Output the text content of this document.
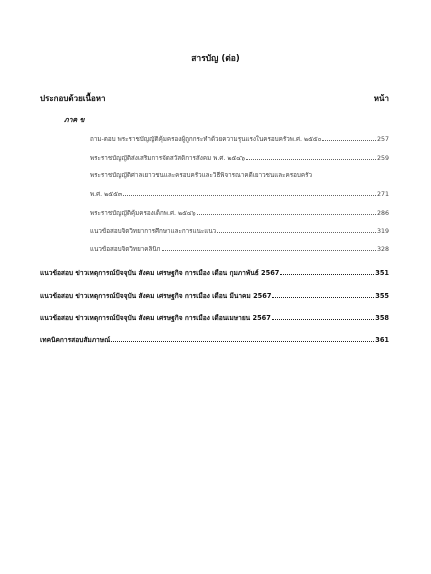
สารบัญ (ต่อ)
ประกอบด้วยเนื้อหา	หน้า
ภาค ข
ถาม-ตอบ พระราชบัญญัติคุ้มครองผู้ถูกกระทำด้วยความรุนแรงในครอบครัวพ.ศ. ๒๕๕๐	257
พระราชบัญญัติส่งเสริมการจัดสวัสดิการสังคม พ.ศ. ๒๕๔๖	259
พระราชบัญญัติศาลเยาวชนและครอบครัวและวิธีพิจารณาคดีเยาวชนและครอบครัว
พ.ศ. ๒๕๕๓	271
พระราชบัญญัติคุ้มครองเด็กพ.ศ. ๒๕๔๖	286
แนวข้อสอบจิตวิทยาการศึกษาและการแนะแนว	319
แนวข้อสอบจิตวิทยาคลินิก	328
แนวข้อสอบ ข่าวเหตุการณ์ปัจจุบัน สังคม เศรษฐกิจ การเมือง เดือน กุมภาพันธ์ 2567	351
แนวข้อสอบ ข่าวเหตุการณ์ปัจจุบัน สังคม เศรษฐกิจ การเมือง เดือน มีนาคม 2567	355
แนวข้อสอบ ข่าวเหตุการณ์ปัจจุบัน สังคม เศรษฐกิจ การเมือง เดือนเมษายน 2567	358
เทคนิคการสอบสัมภาษณ์	361
